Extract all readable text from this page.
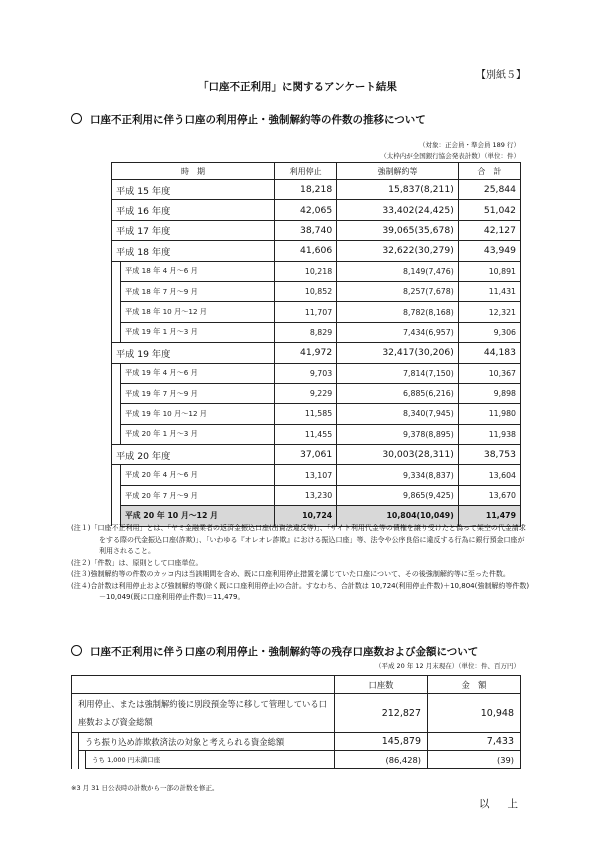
【別紙５】
「口座不正利用」に関するアンケート結果
口座不正利用に伴う口座の利用停止・強制解約等の件数の推移について
（対象：正会員・準会員 189 行）
（太枠内が全国銀行協会発表計数）（単位：件）
時　期		利用停止	強制解約等	合　計
平成 15 年度		18,218	15,837(8,211)	25,844
平成 16 年度		42,065	33,402(24,425)	51,042
平成 17 年度		38,740	39,065(35,678)	42,127
平成 18 年度		41,606	32,622(30,279)	43,949
	平成 18 年 4 月～6 月	10,218	8,149(7,476)	10,891
	平成 18 年 7 月～9 月	10,852	8,257(7,678)	11,431
	平成 18 年 10 月～12 月	11,707	8,782(8,168)	12,321
	平成 19 年 1 月～3 月	8,829	7,434(6,957)	9,306
平成 19 年度		41,972	32,417(30,206)	44,183
	平成 19 年 4 月～6 月	9,703	7,814(7,150)	10,367
	平成 19 年 7 月～9 月	9,229	6,885(6,216)	9,898
	平成 19 年 10 月～12 月	11,585	8,340(7,945)	11,980
	平成 20 年 1 月～3 月	11,455	9,378(8,895)	11,938
平成 20 年度		37,061	30,003(28,311)	38,753
	平成 20 年 4 月～6 月	13,107	9,334(8,837)	13,604
	平成 20 年 7 月～9 月	13,230	9,865(9,425)	13,670
	平成 20 年 10 月～12 月	10,724	10,804(10,049)	11,479
(注１)「口座不正利用」とは、「ヤミ金融業者の返済金振込口座(出資法違反等)」、「サイト利用代金等の債権を譲り受けたと偽って架空の代金請求をする際の代金振込口座(詐欺)」、「いわゆる『オレオレ詐欺』における振込口座」等、法令や公序良俗に違反する行為に銀行預金口座が利用されること。
(注２)「件数」は、原則として口座単位。
(注３)強制解約等の件数のカッコ内は当該期間を含め、既に口座利用停止措置を講じていた口座について、その後強制解約等に至った件数。
(注４)合計数は利用停止および強制解約等(除く既に口座利用停止)の合計。すなわち、合計数は 10,724(利用停止件数)＋10,804(強制解約等件数)－10,049(既に口座利用停止件数)＝11,479。
口座不正利用に伴う口座の利用停止・強制解約等の残存口座数および金額について
（平成 20 年 12 月末現在）（単位：件、百万円）
			口座数	金　額
利用停止、または強制解約後に別段預金等に移して管理している口座数および資金総額			212,827	10,948
	うち振り込め詐欺救済法の対象と考えられる資金総額		145,879	7,433
		うち 1,000 円未満口座	(86,428)	(39)
※3 月 31 日公表時の計数から一部の計数を修正。
以上
